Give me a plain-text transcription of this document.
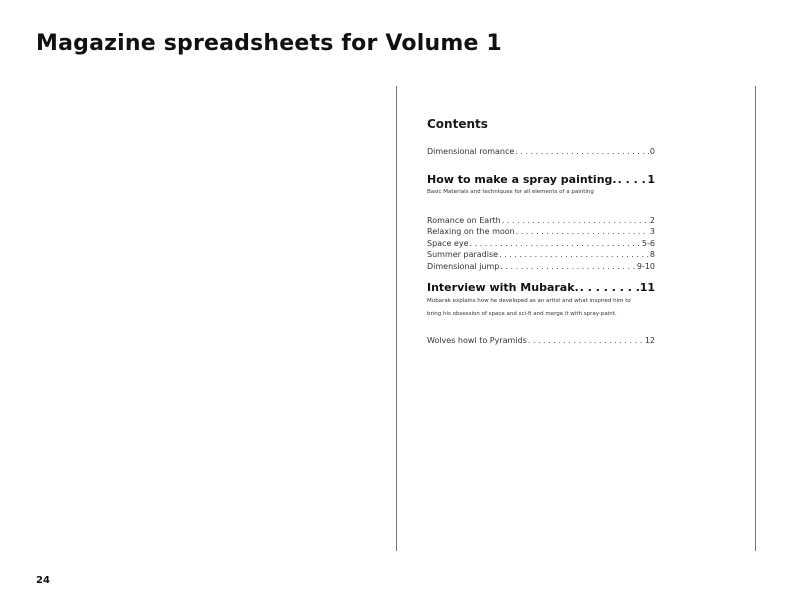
Magazine spreadsheets for Volume 1
Contents
Dimensional romance . . .	0
How to make a spray painting. . .	1

Basic Materials and techniques for all elements of a painting

Romance on Earth . . .	2
Relaxing on the moon . . .	3
Space eye . . .	5-6
Summer paradise . . .	8
Dimensional jump . . .	9-10
Interview with Mubarak. . .	11

Mubarak explains how he developed as an artist and what inspired him to

bring his obsession of space and sci-fi and merge it with spray-paint.

Wolves howl to Pyramids . . .	12
24
